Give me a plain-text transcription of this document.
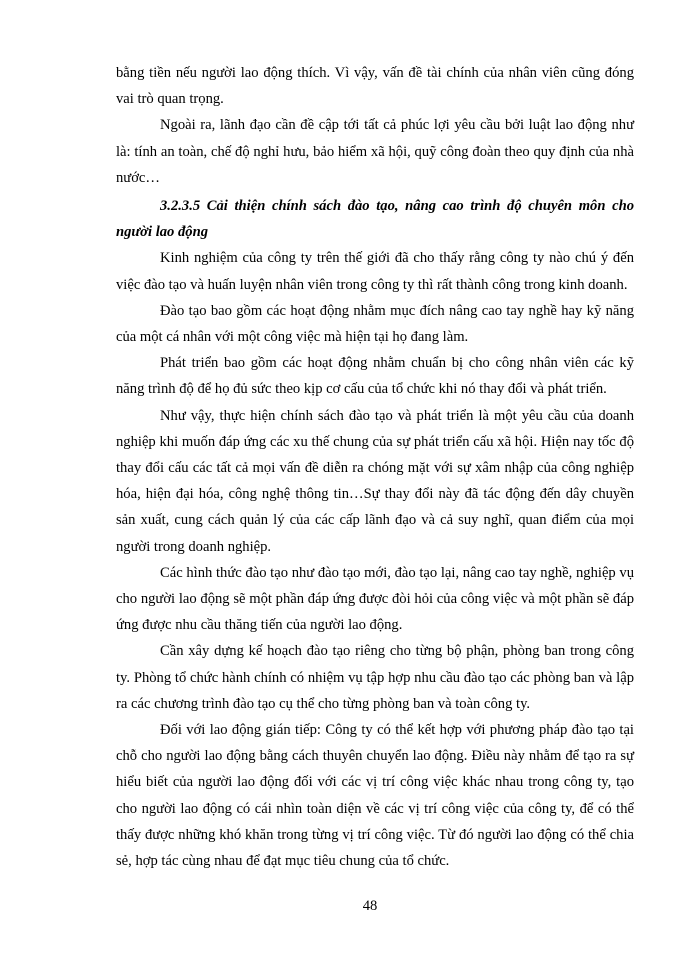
bằng tiền nếu người lao động thích. Vì vậy, vấn đề tài chính của nhân viên cũng đóng vai trò quan trọng.

Ngoài ra, lãnh đạo cần đề cập tới tất cả phúc lợi yêu cầu bởi luật lao động như là: tính an toàn, chế độ nghỉ hưu, bảo hiểm xã hội, quỹ công đoàn theo quy định của nhà nước…

3.2.3.5 Cải thiện chính sách đào tạo, nâng cao trình độ chuyên môn cho người lao động

Kinh nghiệm của công ty trên thế giới đã cho thấy rằng công ty nào chú ý đến việc đào tạo và huấn luyện nhân viên trong công ty thì rất thành công trong kinh doanh.

Đào tạo bao gồm các hoạt động nhằm mục đích nâng cao tay nghề hay kỹ năng của một cá nhân với một công việc mà hiện tại họ đang làm.

Phát triển bao gồm các hoạt động nhằm chuẩn bị cho công nhân viên các kỹ năng trình độ để họ đủ sức theo kịp cơ cấu của tổ chức khi nó thay đổi và phát triển.

Như vậy, thực hiện chính sách đào tạo và phát triển là một yêu cầu của doanh nghiệp khi muốn đáp ứng các xu thế chung của sự phát triển cấu xã hội. Hiện nay tốc độ thay đổi cấu các tất cả mọi vấn đề diễn ra chóng mặt với sự xâm nhập của công nghiệp hóa, hiện đại hóa, công nghệ thông tin…Sự thay đổi này đã tác động đến dây chuyền sản xuất, cung cách quản lý của các cấp lãnh đạo và cả suy nghĩ, quan điểm của mọi người trong doanh nghiệp.

Các hình thức đào tạo như đào tạo mới, đào tạo lại, nâng cao tay nghề, nghiệp vụ cho người lao động sẽ một phần đáp ứng được đòi hỏi của công việc và một phần sẽ đáp ứng được nhu cầu thăng tiến của người lao động.

Cần xây dựng kế hoạch đào tạo riêng cho từng bộ phận, phòng ban trong công ty. Phòng tổ chức hành chính có nhiệm vụ tập hợp nhu cầu đào tạo các phòng ban và lập ra các chương trình đào tạo cụ thể cho từng phòng ban và toàn công ty.

Đối với lao động gián tiếp: Công ty có thể kết hợp với phương pháp đào tạo tại chỗ cho người lao động bằng cách thuyên chuyển lao động. Điều này nhằm để tạo ra sự hiểu biết của người lao động đối với các vị trí công việc khác nhau trong công ty, tạo cho người lao động có cái nhìn toàn diện về các vị trí công việc của công ty, để có thể thấy được những khó khăn trong từng vị trí công việc. Từ đó người lao động có thể chia sẻ, hợp tác cùng nhau để đạt mục tiêu chung của tổ chức.

48
